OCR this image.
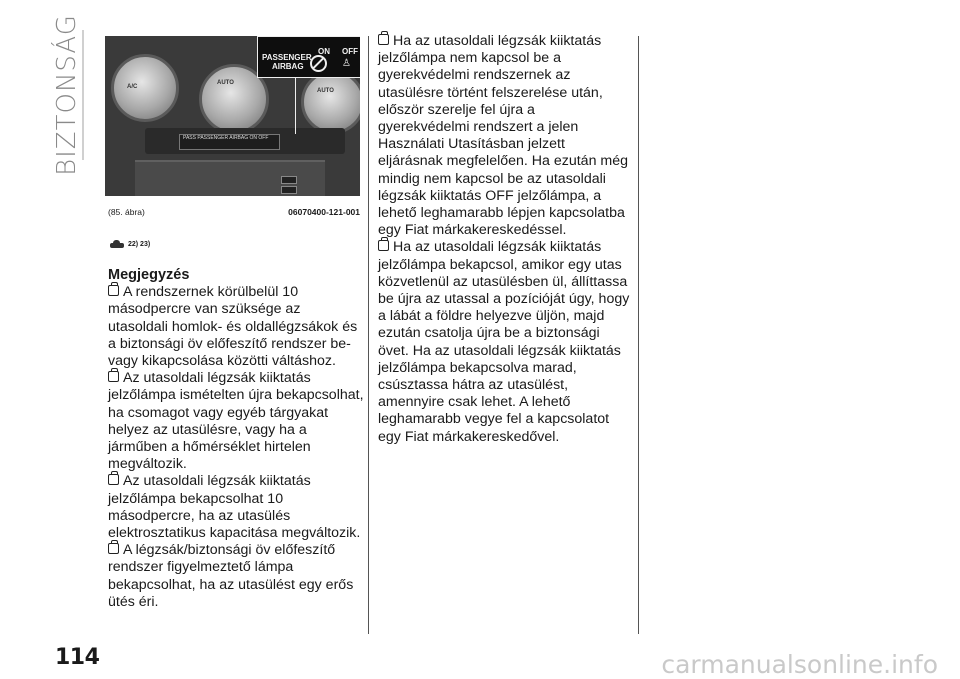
BIZTONSÁG	A/C
AUTO
AUTO
PASS PASSENGER AIRBAG ON OFF
PASSENGER
AIRBAG
ON OFF
♙
(85. ábra)	06070400-121-001
22) 23)
Megjegyzés

A rendszernek körülbelül 10 másodpercre van szüksége az utasoldali homlok- és oldallégzsákok és a biztonsági öv előfeszítő rendszer be-vagy kikapcsolása közötti váltáshoz.

Az utasoldali légzsák kiiktatás jelzőlámpa ismételten újra bekapcsolhat, ha csomagot vagy egyéb tárgyakat helyez az utasülésre, vagy ha a járműben a hőmérséklet hirtelen megváltozik.

Az utasoldali légzsák kiiktatás jelzőlámpa bekapcsolhat 10 másodpercre, ha az utasülés elektrosztatikus kapacitása megváltozik.

A légzsák/biztonsági öv előfeszítő rendszer figyelmeztető lámpa bekapcsolhat, ha az utasülést egy erős ütés éri.

Ha az utasoldali légzsák kiiktatás jelzőlámpa nem kapcsol be a gyerekvédelmi rendszernek az utasülésre történt felszerelése után, először szerelje fel újra a gyerekvédelmi rendszert a jelen Használati Utasításban jelzett eljárásnak megfelelően. Ha ezután még mindig nem kapcsol be az utasoldali légzsák kiiktatás OFF jelzőlámpa, a lehető leghamarabb lépjen kapcsolatba egy Fiat márkakereskedéssel.

Ha az utasoldali légzsák kiiktatás jelzőlámpa bekapcsol, amikor egy utas közvetlenül az utasülésben ül, állíttassa be újra az utassal a pozícióját úgy, hogy a lábát a földre helyezve üljön, majd ezután csatolja újra be a biztonsági övet. Ha az utasoldali légzsák kiiktatás jelzőlámpa bekapcsolva marad, csúsztassa hátra az utasülést, amennyire csak lehet. A lehető leghamarabb vegye fel a kapcsolatot egy Fiat márkakereskedővel.

114	carmanualsonline.info
